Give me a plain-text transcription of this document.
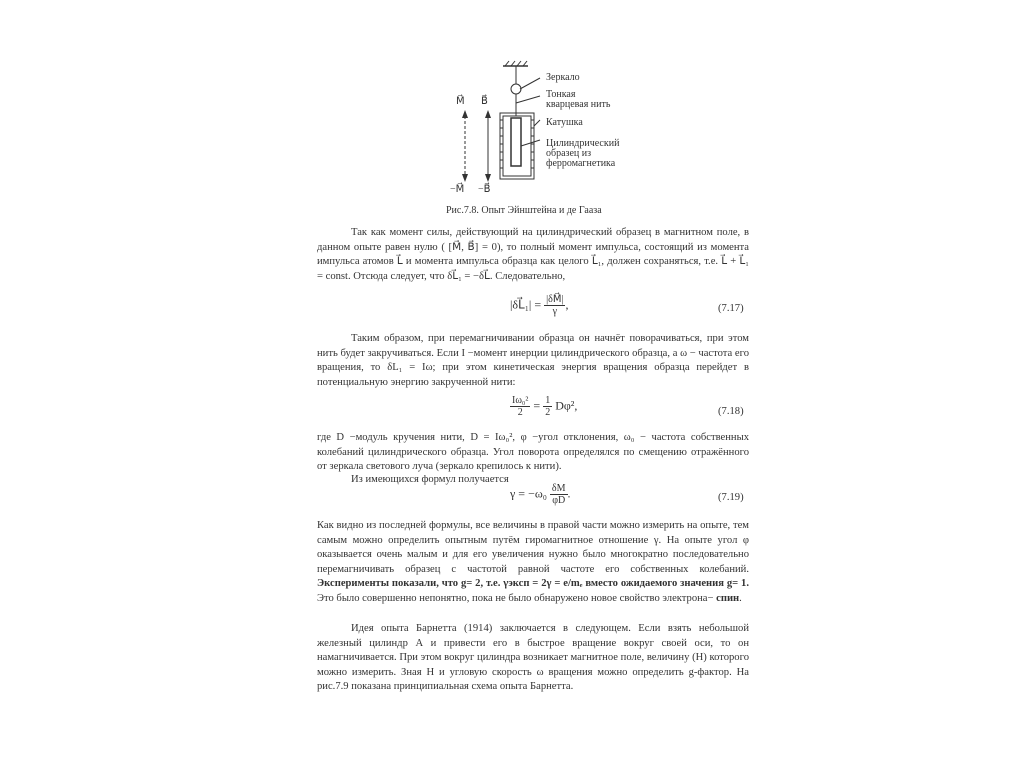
Зеркало
Тонкая
кварцевая нить
Катушка
Цилиндрический
образец из
ферромагнетика
M⃗ B⃗
−M⃗ −B⃗
Рис.7.8. Опыт Эйнштейна и де Гааза

Так как момент силы, действующий на цилиндрический образец в магнитном поле, в данном опыте равен нулю ( [M⃗, B⃗] = 0), то полный момент импульса, состоящий из момента импульса атомов L⃗ и момента импульса образца как целого L⃗₁, должен сохраняться, т.е. L⃗ + L⃗₁ = const. Отсюда следует, что δL⃗₁ = −δL⃗. Следовательно,

|δL⃗₁| = $\frac{|\delta M⃗|}{\gamma}$ ,	(7.17)

Таким образом, при перемагничивании образца он начнёт поворачиваться, при этом нить будет закручиваться. Если I −момент инерции цилиндрического образца, а ω − частота его вращения, то δL₁ = Iω; при этом кинетическая энергия вращения образца перейдет в потенциальную энергию закрученной нити:

$\frac{\text{Iω₀²}}{2} = \frac{1}{2} D\varphi^2$,	(7.18)

где D −модуль кручения нити, D = Iω₀², φ −угол отклонения, ω₀ − частота собственных колебаний цилиндрического образца. Угол поворота определялся по смещению отражённого от зеркала светового луча (зеркало крепилось к нити).

Из имеющихся формул получается

$\gamma = -\omega_0 \frac{\delta M}{\varphi D}$ .	(7.19)

Как видно из последней формулы, все величины в правой части можно измерить на опыте, тем самым можно определить опытным путём гиромагнитное отношение γ. На опыте угол φ оказывается очень малым и для его увеличения нужно было многократно последовательно перемагничивать образец с частотой равной частоте его собственных колебаний. Эксперименты показали, что g= 2, т.е. γэксп = 2γ = e/mₑ вместо ожидаемого значения g= 1. Это было совершенно непонятно, пока не было обнаружено новое свойство электрона− спин.

Идея опыта Барнетта (1914) заключается в следующем. Если взять небольшой железный цилиндр А и привести его в быстрое вращение вокруг своей оси, то он намагничивается. При этом вокруг цилиндра возникает магнитное поле, величину (H) которого можно измерить. Зная H и угловую скорость ω вращения можно определить g-фактор. На рис.7.9 показана принципиальная схема опыта Барнетта.
